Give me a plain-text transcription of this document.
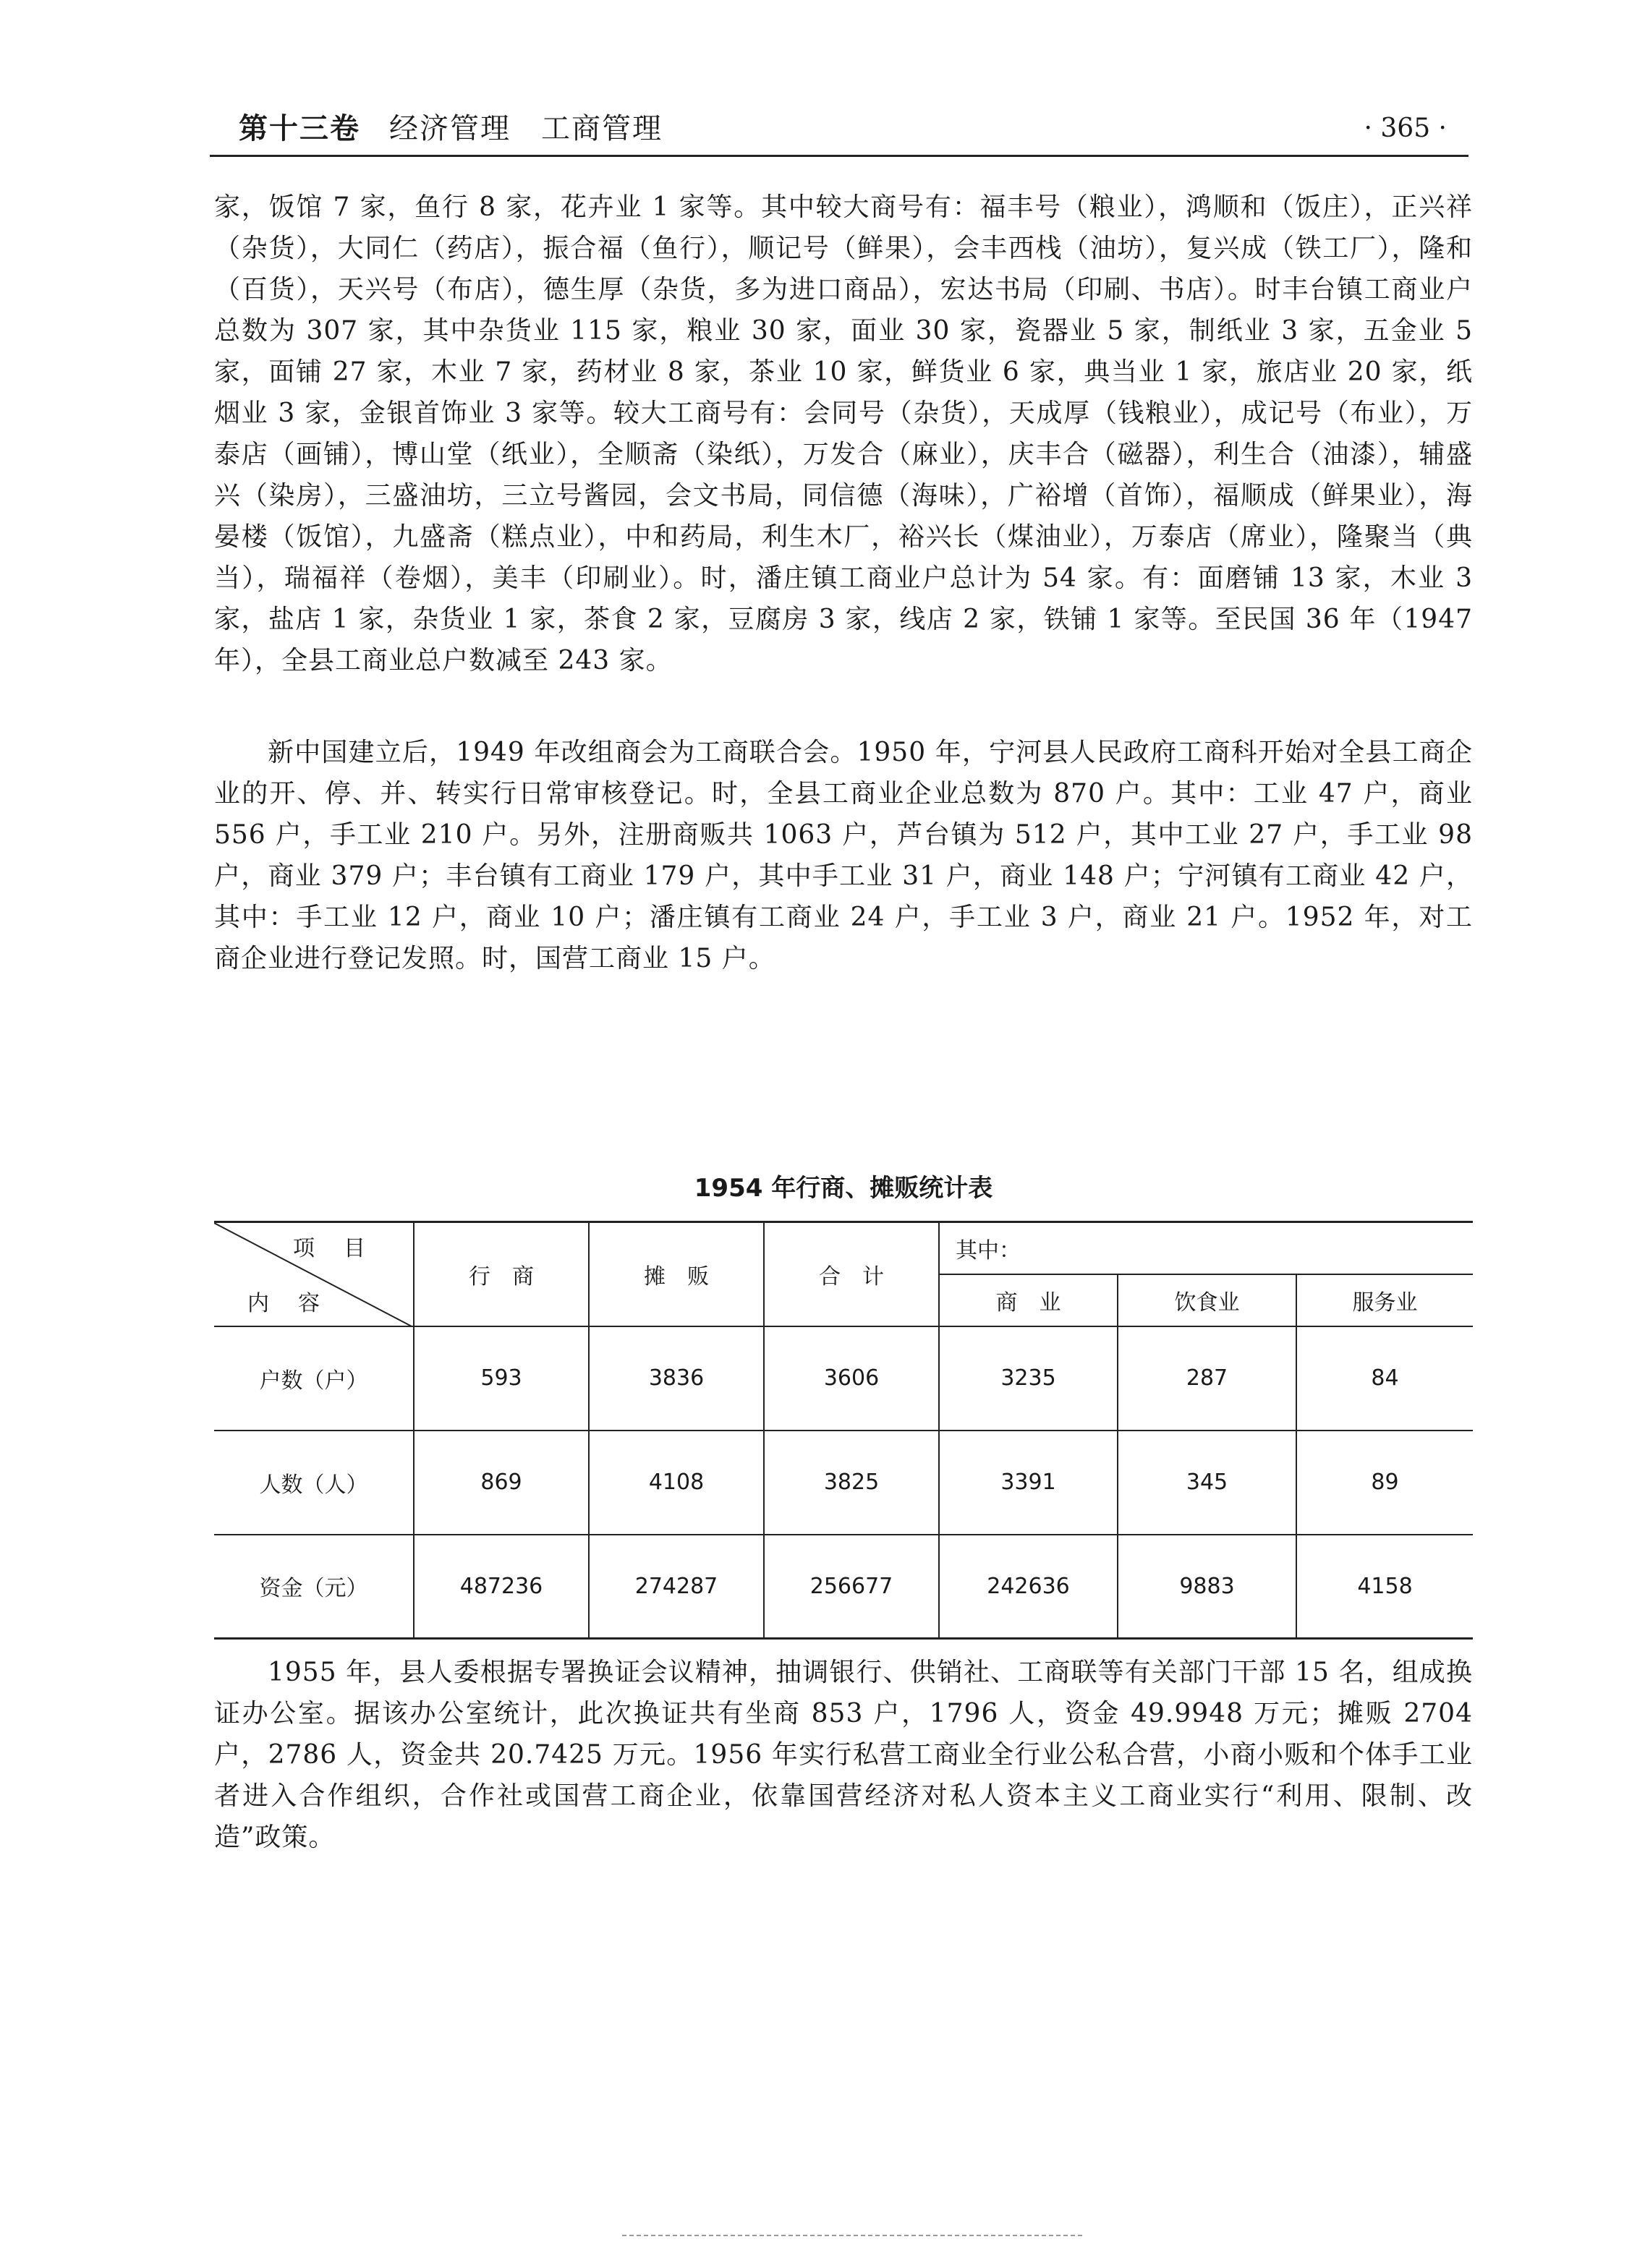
第十三卷 经济管理　工商管理	· 365 ·

家，饭馆 7 家，鱼行 8 家，花卉业 1 家等。其中较大商号有：福丰号（粮业），鸿顺和（饭庄），正兴祥（杂货），大同仁（药店），振合福（鱼行），顺记号（鲜果），会丰西栈（油坊），复兴成（铁工厂），隆和（百货），天兴号（布店），德生厚（杂货，多为进口商品），宏达书局（印刷、书店）。时丰台镇工商业户总数为 307 家，其中杂货业 115 家，粮业 30 家，面业 30 家，瓷器业 5 家，制纸业 3 家，五金业 5 家，面铺 27 家，木业 7 家，药材业 8 家，茶业 10 家，鲜货业 6 家，典当业 1 家，旅店业 20 家，纸烟业 3 家，金银首饰业 3 家等。较大工商号有：会同号（杂货），天成厚（钱粮业），成记号（布业），万泰店（画铺），博山堂（纸业），全顺斋（染纸），万发合（麻业），庆丰合（磁器），利生合（油漆），辅盛兴（染房），三盛油坊，三立号酱园，会文书局，同信德（海味），广裕增（首饰），福顺成（鲜果业），海晏楼（饭馆），九盛斋（糕点业），中和药局，利生木厂，裕兴长（煤油业），万泰店（席业），隆聚当（典当），瑞福祥（卷烟），美丰（印刷业）。时，潘庄镇工商业户总计为 54 家。有：面磨铺 13 家，木业 3 家，盐店 1 家，杂货业 1 家，茶食 2 家，豆腐房 3 家，线店 2 家，铁铺 1 家等。至民国 36 年（1947 年），全县工商业总户数减至 243 家。

新中国建立后，1949 年改组商会为工商联合会。1950 年，宁河县人民政府工商科开始对全县工商企业的开、停、并、转实行日常审核登记。时，全县工商业企业总数为 870 户。其中：工业 47 户，商业 556 户，手工业 210 户。另外，注册商贩共 1063 户，芦台镇为 512 户，其中工业 27 户，手工业 98 户，商业 379 户；丰台镇有工商业 179 户，其中手工业 31 户，商业 148 户；宁河镇有工商业 42 户，其中：手工业 12 户，商业 10 户；潘庄镇有工商业 24 户，手工业 3 户，商业 21 户。1952 年，对工商企业进行登记发照。时，国营工商业 15 户。

1954 年行商、摊贩统计表
项目
内容	行　商	摊　贩	合　计	其中：		
				商　业	饮食业	服务业
户数（户）	593	3836	3606	3235	287	84
人数（人）	869	4108	3825	3391	345	89
资金（元）	487236	274287	256677	242636	9883	4158

1955 年，县人委根据专署换证会议精神，抽调银行、供销社、工商联等有关部门干部 15 名，组成换证办公室。据该办公室统计，此次换证共有坐商 853 户，1796 人，资金 49.9948 万元；摊贩 2704 户，2786 人，资金共 20.7425 万元。1956 年实行私营工商业全行业公私合营，小商小贩和个体手工业者进入合作组织，合作社或国营工商企业，依靠国营经济对私人资本主义工商业实行“利用、限制、改造”政策。
